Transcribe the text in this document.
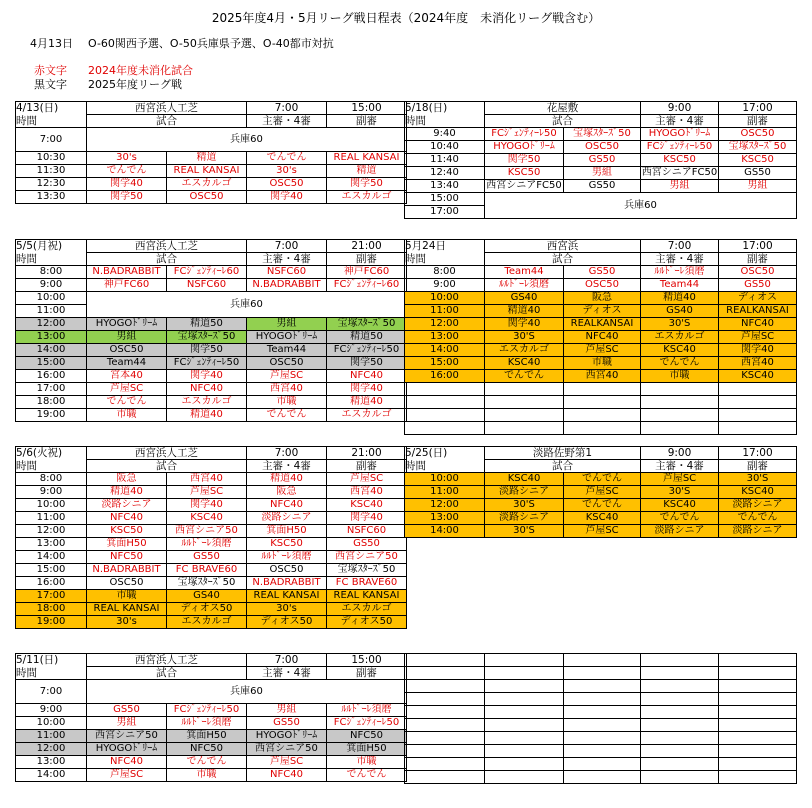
2025年度4月・5月リーグ戦日程表（2024年度　未消化リーグ戦含む）
4月13日 O-60関西予選、O-50兵庫県予選、O-40都市対抗
赤文字 2024年度未消化試合
黒文字 2025年度リーグ戦
4/13(日)	西宮浜人工芝		7:00	15:00
時間	試合		主審・4審	副審
7:00	兵庫60			
10:30	30's	精道	でんでん	REAL KANSAI
11:30	でんでん	REAL KANSAI	30's	精道
12:30	関学40	エスカルゴ	OSC50	関学50
13:30	関学50	OSC50	関学40	エスカルゴ
5/5(月祝)	西宮浜人工芝		7:00	21:00
時間	試合		主審・4審	副審
8:00	N.BADRABBIT	FCｼﾞｪﾝﾃｨｰﾚ60	NSFC60	神戸FC60
9:00	神戸FC60	NSFC60	N.BADRABBIT	FCｼﾞｪﾝﾃｨｰﾚ60
10:00	兵庫60			
11:00				
12:00	HYOGOﾄﾞﾘｰﾑ	精道50	男組	宝塚ｽﾀｰｽﾞ50
13:00	男組	宝塚ｽﾀｰｽﾞ50	HYOGOﾄﾞﾘｰﾑ	精道50
14:00	OSC50	関学50	Team44	FCｼﾞｪﾝﾃｨｰﾚ50
15:00	Team44	FCｼﾞｪﾝﾃｨｰﾚ50	OSC50	関学50
16:00	宮本40	関学40	芦屋SC	NFC40
17:00	芦屋SC	NFC40	西宮40	関学40
18:00	でんでん	エスカルゴ	市職	精道40
19:00	市職	精道40	でんでん	エスカルゴ
5/6(火祝)	西宮浜人工芝		7:00	21:00
時間	試合		主審・4審	副審
8:00	阪急	西宮40	精道40	芦屋SC
9:00	精道40	芦屋SC	阪急	西宮40
10:00	淡路シニア	関学40	NFC40	KSC40
11:00	NFC40	KSC40	淡路シニア	関学40
12:00	KSC50	西宮シニア50	箕面H50	NSFC60
13:00	箕面H50	ﾙﾙﾄﾞｰﾚ須磨	KSC50	GS50
14:00	NFC50	GS50	ﾙﾙﾄﾞｰﾚ須磨	西宮シニア50
15:00	N.BADRABBIT	FC BRAVE60	OSC50	宝塚ｽﾀｰｽﾞ50
16:00	OSC50	宝塚ｽﾀｰｽﾞ50	N.BADRABBIT	FC BRAVE60
17:00	市職	GS40	REAL KANSAI	REAL KANSAI
18:00	REAL KANSAI	ディオス50	30's	エスカルゴ
19:00	30's	エスカルゴ	ディオス50	ディオス50
5/11(日)	西宮浜人工芝		7:00	15:00
時間	試合		主審・4審	副審
7:00	兵庫60			
9:00	GS50	FCｼﾞｪﾝﾃｨｰﾚ50	男組	ﾙﾙﾄﾞｰﾚ須磨
10:00	男組	ﾙﾙﾄﾞｰﾚ須磨	GS50	FCｼﾞｪﾝﾃｨｰﾚ50
11:00	西宮シニア50	箕面H50	HYOGOﾄﾞﾘｰﾑ	NFC50
12:00	HYOGOﾄﾞﾘｰﾑ	NFC50	西宮シニア50	箕面H50
13:00	NFC40	でんでん	芦屋SC	市職
14:00	芦屋SC	市職	NFC40	でんでん
5/18(日)	花屋敷		9:00	17:00
時間	試合		主審・4審	副審
9:40	FCｼﾞｪﾝﾃｨｰﾚ50	宝塚ｽﾀｰｽﾞ50	HYOGOﾄﾞﾘｰﾑ	OSC50
10:40	HYOGOﾄﾞﾘｰﾑ	OSC50	FCｼﾞｪﾝﾃｨｰﾚ50	宝塚ｽﾀｰｽﾞ50
11:40	関学50	GS50	KSC50	KSC50
12:40	KSC50	男組	西宮シニアFC50	GS50
13:40	西宮シニアFC50	GS50	男組	男組
15:00	兵庫60			
17:00				
5月24日	西宮浜		7:00	17:00
時間	試合		主審・4審	副審
8:00	Team44	GS50	ﾙﾙﾄﾞｰﾚ須磨	OSC50
9:00	ﾙﾙﾄﾞｰﾚ須磨	OSC50	Team44	GS50
10:00	GS40	阪急	精道40	ディオス
11:00	精道40	ディオス	GS40	REALKANSAI
12:00	関学40	REALKANSAI	30'S	NFC40
13:00	30'S	NFC40	エスカルゴ	芦屋SC
14:00	エスカルゴ	芦屋SC	KSC40	関学40
15:00	KSC40	市職	でんでん	西宮40
16:00	でんでん	西宮40	市職	KSC40

5/25(日)	淡路佐野第1		9:00	17:00
時間	試合		主審・4審	副審
10:00	KSC40	でんでん	芦屋SC	30'S
11:00	淡路シニア	芦屋SC	30'S	KSC40
12:00	30'S	でんでん	KSC40	淡路シニア
13:00	淡路シニア	KSC40	でんでん	でんでん
14:00	30'S	芦屋SC	淡路シニア	淡路シニア
